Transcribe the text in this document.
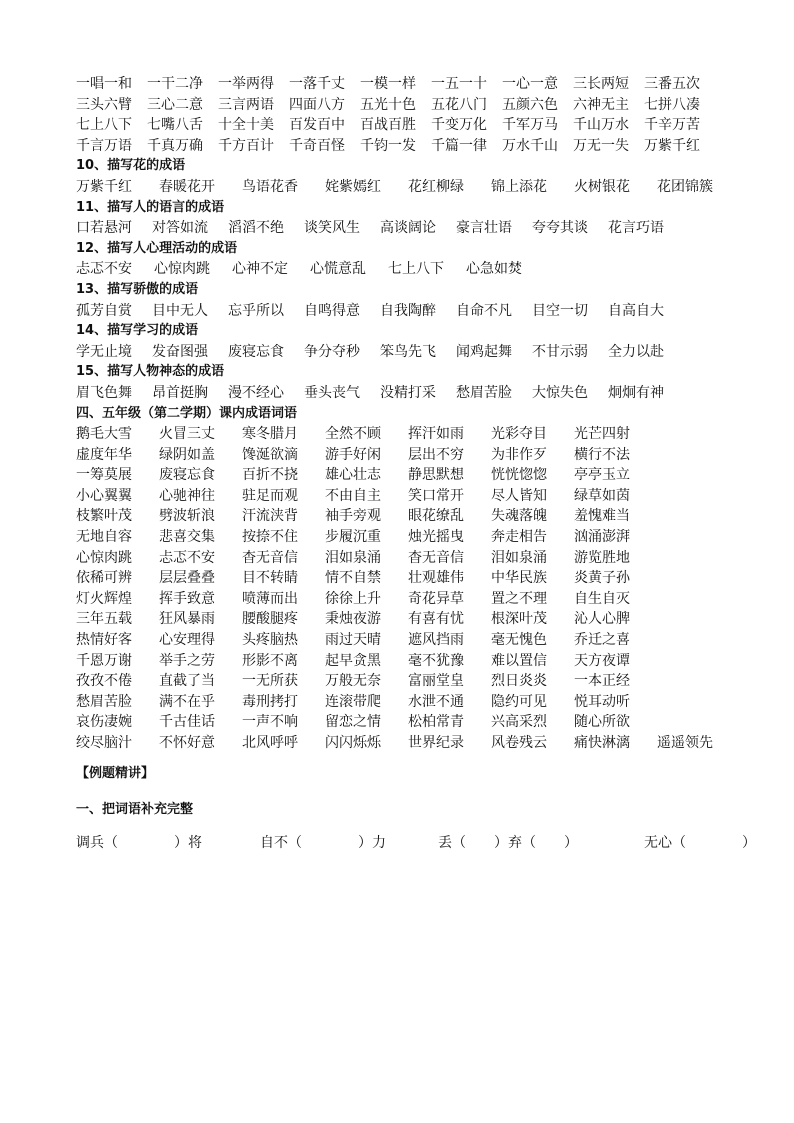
一唱一和 一干二净 一举两得 一落千丈 一模一样 一五一十 一心一意 三长两短 三番五次
三头六臂 三心二意 三言两语 四面八方 五光十色 五花八门 五颜六色 六神无主 七拼八凑
七上八下 七嘴八舌 十全十美 百发百中 百战百胜 千变万化 千军万马 千山万水 千辛万苦
千言万语 千真万确 千方百计 千奇百怪 千钧一发 千篇一律 万水千山 万无一失 万紫千红
10、描写花的成语
万紫千红 春暖花开 鸟语花香 姹紫嫣红 花红柳绿 锦上添花 火树银花 花团锦簇
11、描写人的语言的成语
口若悬河 对答如流 滔滔不绝 谈笑风生 高谈阔论 豪言壮语 夸夸其谈 花言巧语
12、描写人心理活动的成语
忐忑不安 心惊肉跳 心神不定 心慌意乱 七上八下 心急如焚
13、描写骄傲的成语
孤芳自赏 目中无人 忘乎所以 自鸣得意 自我陶醉 自命不凡 目空一切 自高自大
14、描写学习的成语
学无止境 发奋图强 废寝忘食 争分夺秒 笨鸟先飞 闻鸡起舞 不甘示弱 全力以赴
15、描写人物神态的成语
眉飞色舞 昂首挺胸 漫不经心 垂头丧气 没精打采 愁眉苦脸 大惊失色 炯炯有神
四、五年级（第二学期）课内成语词语
鹅毛大雪 火冒三丈 寒冬腊月 全然不顾 挥汗如雨 光彩夺目 光芒四射
虚度年华 绿阴如盖 馋涎欲滴 游手好闲 层出不穷 为非作歹 横行不法
一筹莫展 废寝忘食 百折不挠 雄心壮志 静思默想 恍恍惚惚 亭亭玉立
小心翼翼 心驰神往 驻足而观 不由自主 笑口常开 尽人皆知 绿草如茵
枝繁叶茂 劈波斩浪 汗流浃背 袖手旁观 眼花缭乱 失魂落魄 羞愧难当
无地自容 悲喜交集 按捺不住 步履沉重 烛光摇曳 奔走相告 汹涌澎湃
心惊肉跳 忐忑不安 杳无音信 泪如泉涌 杳无音信 泪如泉涌 游览胜地
依稀可辨 层层叠叠 目不转睛 情不自禁 壮观雄伟 中华民族 炎黄子孙
灯火辉煌 挥手致意 喷薄而出 徐徐上升 奇花异草 置之不理 自生自灭
三年五载 狂风暴雨 腰酸腿疼 秉烛夜游 有喜有忧 根深叶茂 沁人心脾
热情好客 心安理得 头疼脑热 雨过天晴 遮风挡雨 毫无愧色 乔迁之喜
千恩万谢 举手之劳 形影不离 起早贪黑 毫不犹豫 难以置信 天方夜谭
孜孜不倦 直截了当 一无所获 万般无奈 富丽堂皇 烈日炎炎 一本正经
愁眉苦脸 满不在乎 毒刑拷打 连滚带爬 水泄不通 隐约可见 悦耳动听
哀伤凄婉 千古佳话 一声不响 留恋之情 松柏常青 兴高采烈 随心所欲
绞尽脑汁 不怀好意 北风呼呼 闪闪烁烁 世界纪录 风卷残云 痛快淋漓 遥遥领先
【例题精讲】
一、把词语补充完整
调兵（　　　　）将	自不（　　　　）力	丢（　　）弃（　　）	无心（　　　　）
